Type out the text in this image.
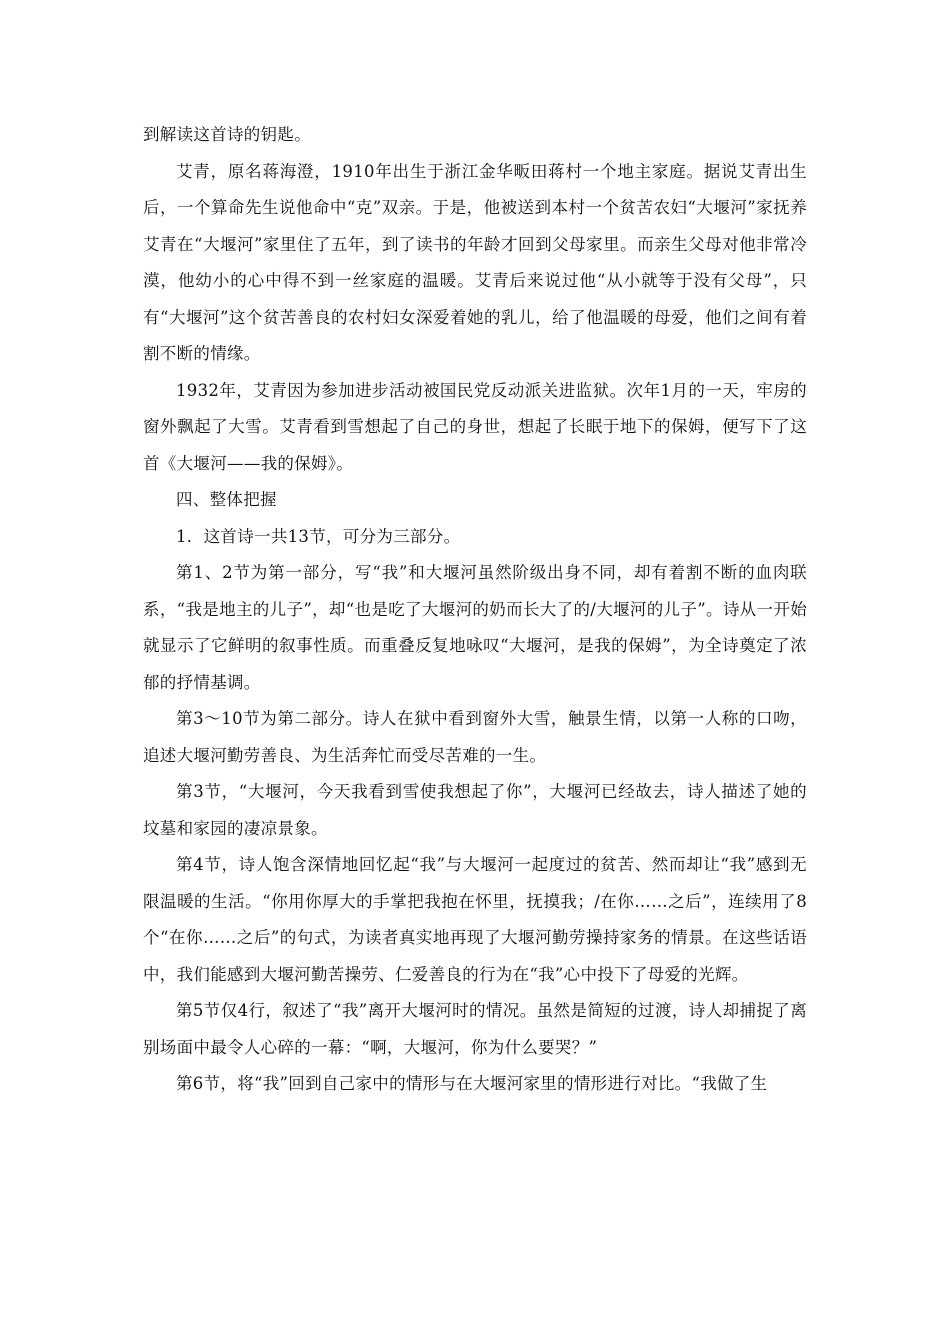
到解读这首诗的钥匙。

艾青，原名蒋海澄，1910年出生于浙江金华畈田蒋村一个地主家庭。据说艾青出生后，一个算命先生说他命中“克”双亲。于是，他被送到本村一个贫苦农妇“大堰河”家抚养艾青在“大堰河”家里住了五年，到了读书的年龄才回到父母家里。而亲生父母对他非常冷漠，他幼小的心中得不到一丝家庭的温暖。艾青后来说过他“从小就等于没有父母”，只有“大堰河”这个贫苦善良的农村妇女深爱着她的乳儿，给了他温暖的母爱，他们之间有着割不断的情缘。

1932年，艾青因为参加进步活动被国民党反动派关进监狱。次年1月的一天，牢房的窗外飘起了大雪。艾青看到雪想起了自己的身世，想起了长眠于地下的保姆，便写下了这首《大堰河——我的保姆》。

四、整体把握

1．这首诗一共13节，可分为三部分。

第1、2节为第一部分，写“我”和大堰河虽然阶级出身不同，却有着割不断的血肉联系，“我是地主的儿子”，却“也是吃了大堰河的奶而长大了的/大堰河的儿子”。诗从一开始就显示了它鲜明的叙事性质。而重叠反复地咏叹“大堰河，是我的保姆”，为全诗奠定了浓郁的抒情基调。

第3～10节为第二部分。诗人在狱中看到窗外大雪，触景生情，以第一人称的口吻，追述大堰河勤劳善良、为生活奔忙而受尽苦难的一生。

第3节，“大堰河，今天我看到雪使我想起了你”，大堰河已经故去，诗人描述了她的坟墓和家园的凄凉景象。

第4节，诗人饱含深情地回忆起“我”与大堰河一起度过的贫苦、然而却让“我”感到无限温暖的生活。“你用你厚大的手掌把我抱在怀里，抚摸我；/在你……之后”，连续用了8个“在你……之后”的句式，为读者真实地再现了大堰河勤劳操持家务的情景。在这些话语中，我们能感到大堰河勤苦操劳、仁爱善良的行为在“我”心中投下了母爱的光辉。

第5节仅4行，叙述了“我”离开大堰河时的情况。虽然是简短的过渡，诗人却捕捉了离别场面中最令人心碎的一幕：“啊，大堰河，你为什么要哭？”

第6节，将“我”回到自己家中的情形与在大堰河家里的情形进行对比。“我做了生
